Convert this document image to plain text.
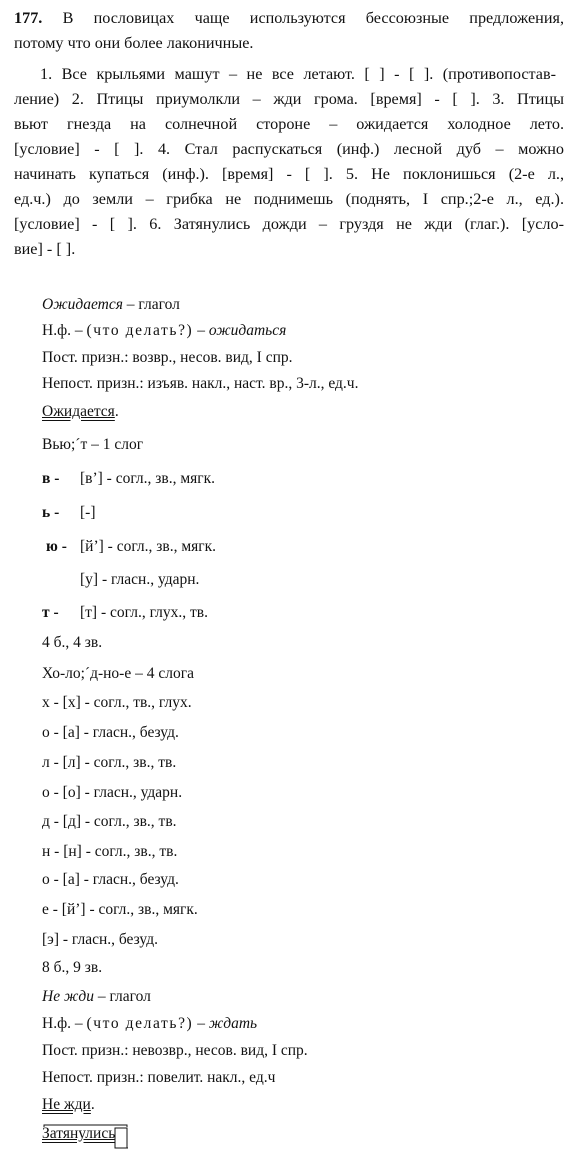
177. В пословицах чаще используются бессоюзные предложения,
потому что они более лаконичные.
1. Все крыльями машут – не все летают. [ ] - [ ]. (противопостав-
ление) 2. Птицы приумолкли – жди грома. [время] - [ ]. 3. Птицы
вьют гнезда на солнечной стороне – ожидается холодное лето.
[условие] - [ ]. 4. Стал распускаться (инф.) лесной дуб – можно
начинать купаться (инф.). [время] - [ ]. 5. Не поклонишься (2-е л.,
ед.ч.) до земли – грибка не поднимешь (поднять, I спр.;2-е л., ед.).
[условие] - [ ]. 6. Затянулись дожди – груздя не жди (глаг.). [усло-
вие] - [ ].
Ожидается – глагол
Н.ф. – (что делать?) – ожидаться
Пост. призн.: возвр., несов. вид, I спр.
Непост. призн.: изъяв. накл., наст. вр., 3-л., ед.ч.
Ожидается.
Вью;´т – 1 слог
в - [в’] - согл., зв., мягк.
ь - [-]
ю - [й’] - согл., зв., мягк.
[у] - гласн., ударн.
т - [т] - согл., глух., тв.
4 б., 4 зв.
Хо-ло;´д-но-е – 4 слога
х - [х] - согл., тв., глух.
о - [а] - гласн., безуд.
л - [л] - согл., зв., тв.
о - [о] - гласн., ударн.
д - [д] - согл., зв., тв.
н - [н] - согл., зв., тв.
о - [а] - гласн., безуд.
е - [й’] - согл., зв., мягк.
[э] - гласн., безуд.
8 б., 9 зв.
Не жди – глагол
Н.ф. – (что делать?) – ждать
Пост. призн.: невозвр., несов. вид, I спр.
Непост. призн.: повелит. накл., ед.ч
Не жди.
Затянулись
